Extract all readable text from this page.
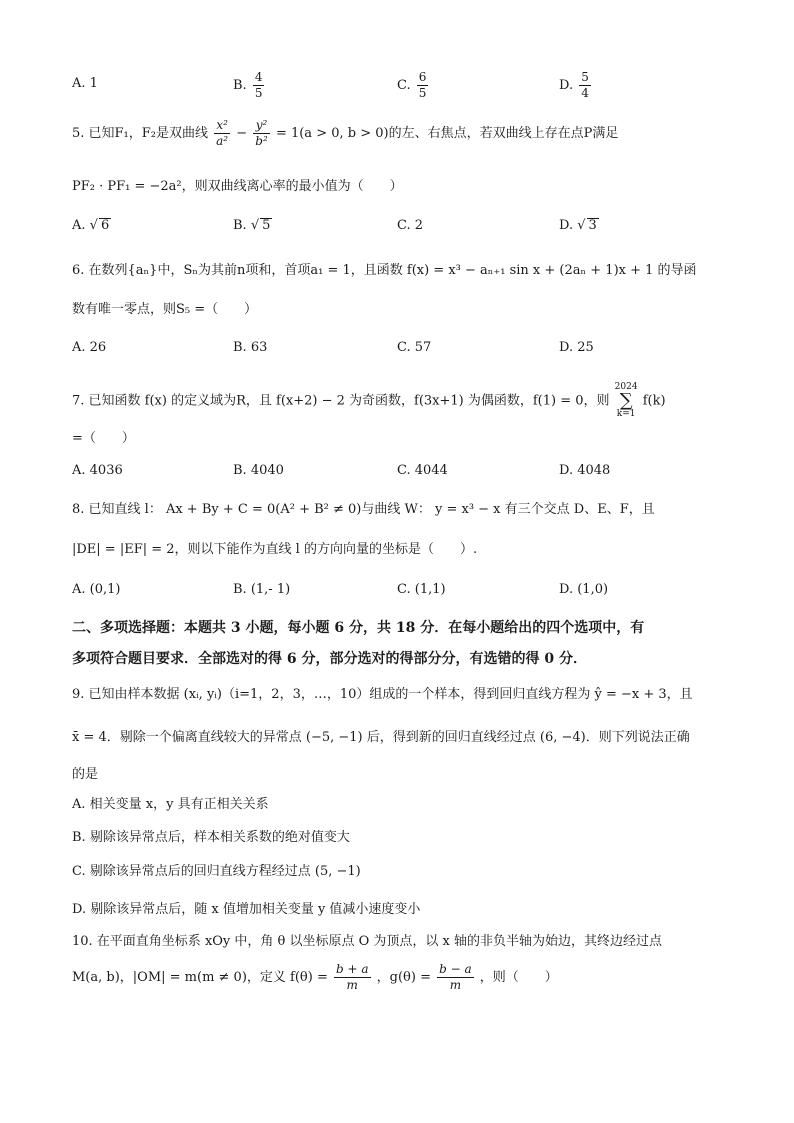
A. 1	B. $\frac{4}{5}$	C. $\frac{6}{5}$	D. $\frac{5}{4}$
5. 已知F₁，F₂是双曲线 $\frac{\text{x²}}{\text{a²}} - \frac{\text{y²}}{\text{b²}} = 1(a > 0$, b > 0)的左、右焦点，若双曲线上存在点P满足
PF₂ · PF₁ = −2a²，则双曲线离心率的最小值为（　　）
A. √ 6	B. √ 5	C. 2	D. √ 3
6. 在数列{aₙ}中，Sₙ为其前n项和，首项a₁ = 1，且函数 f(x) = x³ − aₙ₊₁ sin x + (2aₙ + 1)x + 1 的导函
数有唯一零点，则S₅ =（　　）
A. 26	B. 63	C. 57	D. 25
7. 已知函数 f(x) 的定义域为R，且 f(x+2) − 2 为奇函数，f(3x+1) 为偶函数，f(1) = 0，则 2024
∑
k=1 f(k)
=（　　）
A. 4036	B. 4040	C. 4044	D. 4048
8. 已知直线 l： Ax + By + C = 0(A² + B² ≠ 0)与曲线 W： y = x³ − x 有三个交点 D、E、F，且
|DE| = |EF| = 2，则以下能作为直线 l 的方向向量的坐标是（　　）.
A. (0,1)	B. (1,- 1)	C. (1,1)	D. (1,0)
二、多项选择题：本题共 3 小题，每小题 6 分，共 18 分．在每小题给出的四个选项中，有
多项符合题目要求．全部选对的得 6 分，部分选对的得部分分，有选错的得 0 分．
9. 已知由样本数据 (xᵢ, yᵢ)（i=1，2，3，…，10）组成的一个样本，得到回归直线方程为 ŷ = −x + 3，且
x̄ = 4．剔除一个偏离直线较大的异常点 (−5, −1) 后，得到新的回归直线经过点 (6, −4)．则下列说法正确
的是
A. 相关变量 x，y 具有正相关关系
B. 剔除该异常点后，样本相关系数的绝对值变大
C. 剔除该异常点后的回归直线方程经过点 (5, −1)
D. 剔除该异常点后，随 x 值增加相关变量 y 值减小速度变小
10. 在平面直角坐标系 xOy 中，角 θ 以坐标原点 O 为顶点，以 x 轴的非负半轴为始边，其终边经过点
M(a, b)，|OM| = m(m ≠ 0)，定义 $f(\theta) = \frac{b + a}{m}$ ，$g(\theta) = \frac{b - a}{m}$ ，则（　　）
